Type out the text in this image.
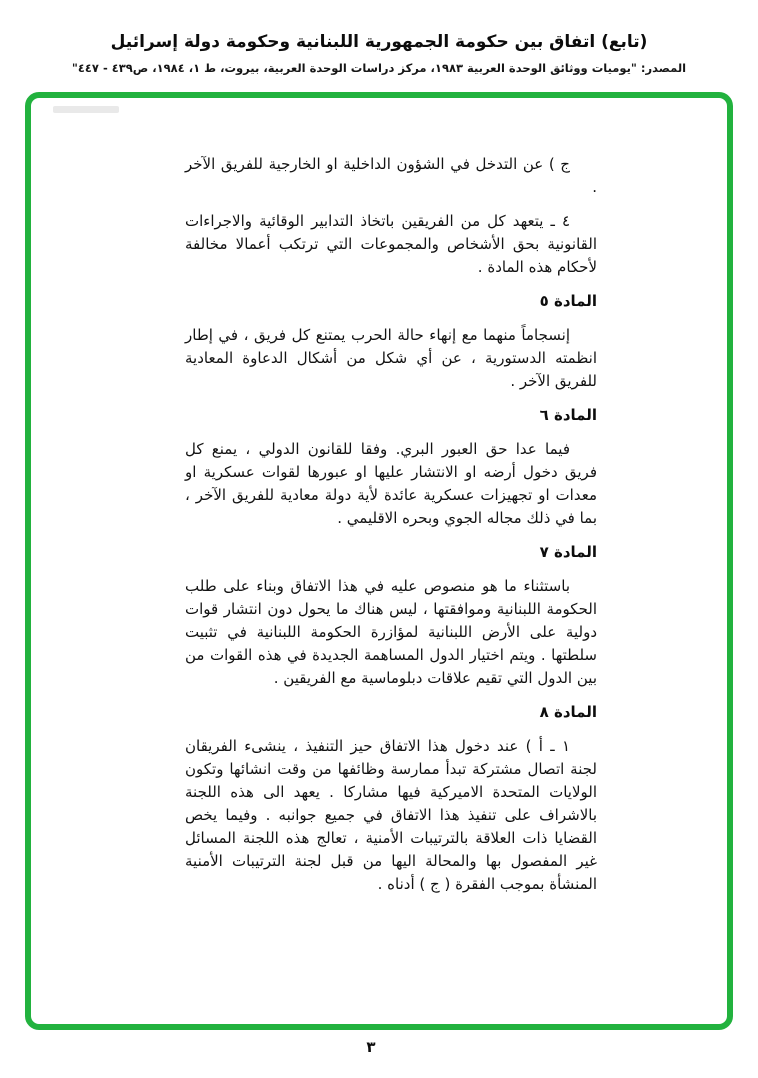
(تابع) اتفاق بين حكومة الجمهورية اللبنانية وحكومة دولة إسرائيل

المصدر: "يوميات ووثائق الوحدة العربية ١٩٨٣، مركز دراسات الوحدة العربية، بيروت، ط ١، ١٩٨٤، ص٤٣٩ - ٤٤٧"

ج ) عن التدخل في الشؤون الداخلية او الخارجية للفريق الآخر .

٤ ـ يتعهد كل من الفريقين باتخاذ التدابير الوقائية والاجراءات القانونية بحق الأشخاص والمجموعات التي ترتكب أعمالا مخالفة لأحكام هذه المادة .

المادة ٥

إنسجاماً منهما مع إنهاء حالة الحرب يمتنع كل فريق ، في إطار انظمته الدستورية ، عن أي شكل من أشكال الدعاوة المعادية للفريق الآخر .

المادة ٦

فيما عدا حق العبور البري. وفقا للقانون الدولي ، يمنع كل فريق دخول أرضه او الانتشار عليها او عبورها لقوات عسكرية او معدات او تجهيزات عسكرية عائدة لأية دولة معادية للفريق الآخر ، بما في ذلك مجاله الجوي وبحره الاقليمي .

المادة ٧

باستثناء ما هو منصوص عليه في هذا الاتفاق وبناء على طلب الحكومة اللبنانية وموافقتها ، ليس هناك ما يحول دون انتشار قوات دولية على الأرض اللبنانية لمؤازرة الحكومة اللبنانية في تثبيت سلطتها . ويتم اختيار الدول المساهمة الجديدة في هذه القوات من بين الدول التي تقيم علاقات دبلوماسية مع الفريقين .

المادة ٨

١ ـ أ ) عند دخول هذا الاتفاق حيز التنفيذ ، ينشىء الفريقان لجنة اتصال مشتركة تبدأ ممارسة وظائفها من وقت انشائها وتكون الولايات المتحدة الاميركية فيها مشاركا . يعهد الى هذه اللجنة بالاشراف على تنفيذ هذا الاتفاق في جميع جوانبه . وفيما يخص القضايا ذات العلاقة بالترتيبات الأمنية ، تعالج هذه اللجنة المسائل غير المفصول بها والمحالة اليها من قبل لجنة الترتيبات الأمنية المنشأة بموجب الفقرة ( ج ) أدناه .

٣
